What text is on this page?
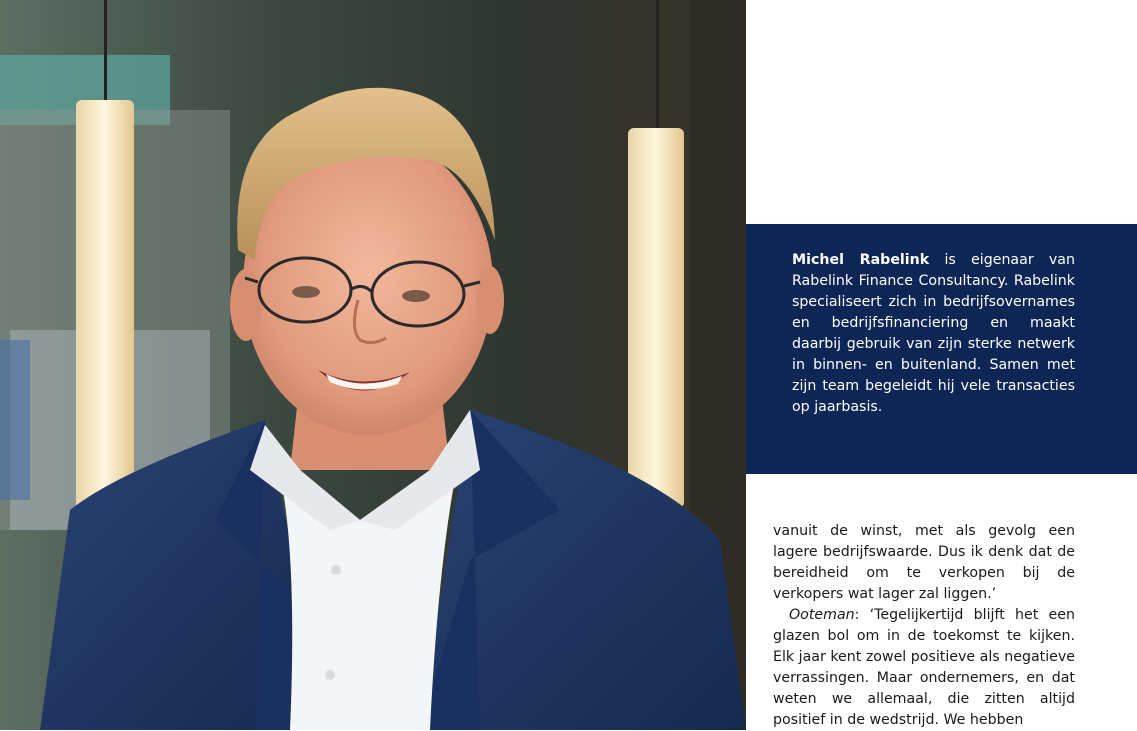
Michel Rabelink is eigenaar van Rabelink Finance Consultancy. Rabelink specialiseert zich in bedrijfsovernames en bedrijfsfinanciering en maakt daarbij gebruik van zijn sterke netwerk in binnen- en buitenland. Samen met zijn team begeleidt hij vele transacties op jaarbasis.

vanuit de winst, met als gevolg een lagere bedrijfswaarde. Dus ik denk dat de bereidheid om te verkopen bij de verkopers wat lager zal liggen.’

Ooteman: ‘Tegelijkertijd blijft het een glazen bol om in de toekomst te kijken. Elk jaar kent zowel positieve als negatieve verrassingen. Maar ondernemers, en dat weten we allemaal, die zitten altijd positief in de wedstrijd. We hebben
